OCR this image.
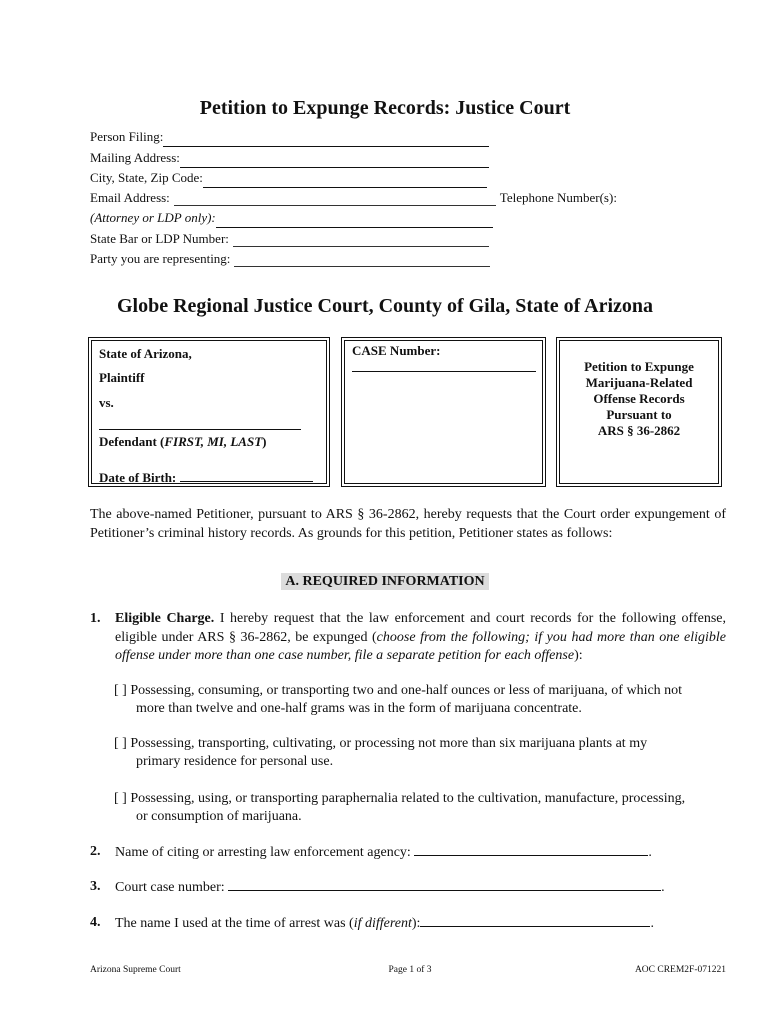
Petition to Expunge Records: Justice Court
Person Filing:
Mailing Address:
City, State, Zip Code:
Email Address:	Telephone Number(s):
(Attorney or LDP only):
State Bar or LDP Number:
Party you are representing:
Globe Regional Justice Court, County of Gila, State of Arizona
State of Arizona,
Plaintiff
vs.
Defendant (FIRST, MI, LAST)
Date of Birth:
CASE Number:
Petition to Expunge
Marijuana-Related
Offense Records
Pursuant to
ARS § 36-2862
The above-named Petitioner, pursuant to ARS § 36-2862, hereby requests that the Court order expungement of Petitioner’s criminal history records. As grounds for this petition, Petitioner states as follows:
A. REQUIRED INFORMATION
1. Eligible Charge. I hereby request that the law enforcement and court records for the following offense, eligible under ARS § 36-2862, be expunged (choose from the following; if you had more than one eligible offense under more than one case number, file a separate petition for each offense):
[ ] Possessing, consuming, or transporting two and one-half ounces or less of marijuana, of which not
more than twelve and one-half grams was in the form of marijuana concentrate.
[ ] Possessing, transporting, cultivating, or processing not more than six marijuana plants at my
primary residence for personal use.
[ ] Possessing, using, or transporting paraphernalia related to the cultivation, manufacture, processing,
or consumption of marijuana.
2. Name of citing or arresting law enforcement agency:	.
3. Court case number:	.
4. The name I used at the time of arrest was (if different):	.
Arizona Supreme Court	Page 1 of 3	AOC CREM2F-071221
